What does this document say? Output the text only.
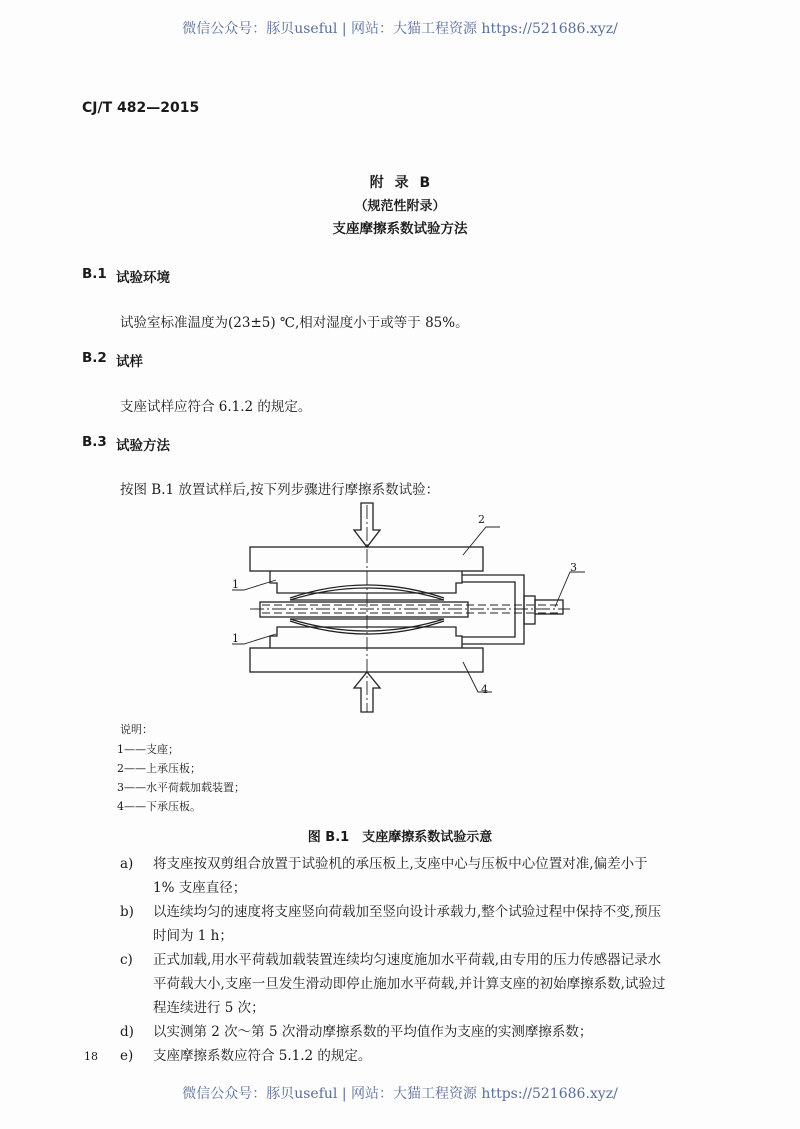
微信公众号：豚贝useful | 网站：大猫工程资源 https://521686.xyz/
CJ/T 482—2015
附 录 B
（规范性附录）
支座摩擦系数试验方法
B.1 试验环境
试验室标准温度为(23±5) ℃,相对湿度小于或等于 85%。
B.2 试样
支座试样应符合 6.1.2 的规定。
B.3 试验方法
按图 B.1 放置试样后,按下列步骤进行摩擦系数试验：
2
3
1
1
4
说明：
1——支座；
2——上承压板；
3——水平荷载加载装置；
4——下承压板。
图 B.1　支座摩擦系数试验示意
a) 将支座按双剪组合放置于试验机的承压板上,支座中心与压板中心位置对准,偏差小于 1% 支座直径；
b) 以连续均匀的速度将支座竖向荷载加至竖向设计承载力,整个试验过程中保持不变,预压时间为 1 h；
c) 正式加载,用水平荷载加载装置连续均匀速度施加水平荷载,由专用的压力传感器记录水平荷载大小,支座一旦发生滑动即停止施加水平荷载,并计算支座的初始摩擦系数,试验过程连续进行 5 次；
d) 以实测第 2 次～第 5 次滑动摩擦系数的平均值作为支座的实测摩擦系数；
e) 支座摩擦系数应符合 5.1.2 的规定。
18
微信公众号：豚贝useful | 网站：大猫工程资源 https://521686.xyz/
